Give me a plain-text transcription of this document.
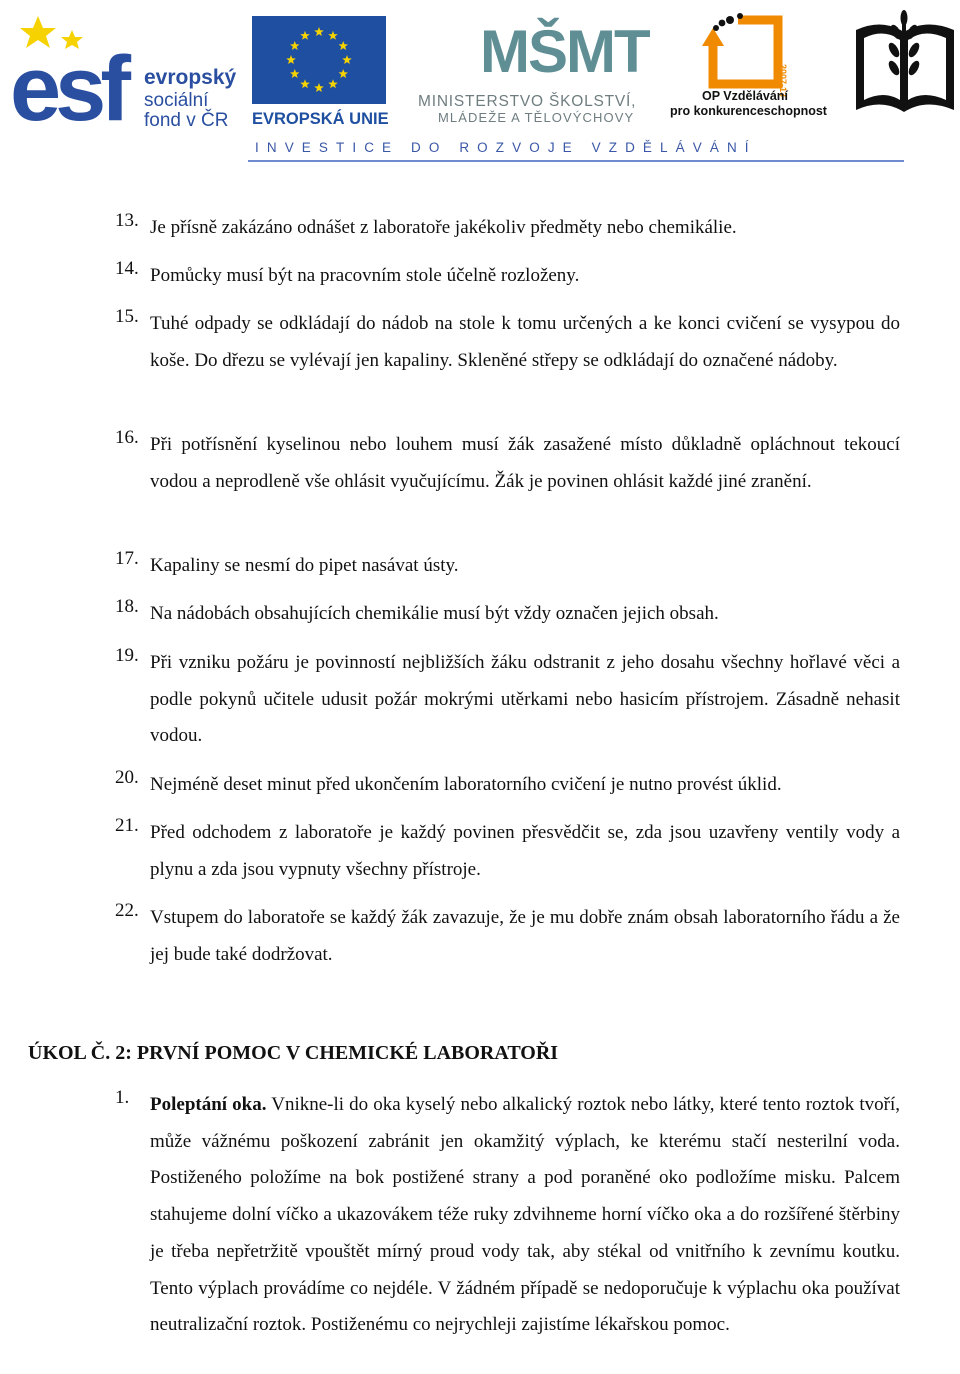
esf evropský
sociální
fond v ČR EVROPSKÁ UNIE
MŠMT
MINISTERSTVO ŠKOLSTVÍ,
MLÁDEŽE A TĚLOVÝCHOVY
2007-13
OP Vzdělávání
pro konkurenceschopnost
INVESTICE DO ROZVOJE VZDĚLÁVÁNÍ
13. Je přísně zakázáno odnášet z laboratoře jakékoliv předměty nebo chemikálie.
14. Pomůcky musí být na pracovním stole účelně rozloženy.
15. Tuhé odpady se odkládají do nádob na stole k tomu určených a ke konci cvičení se vysypou do koše. Do dřezu se vylévají jen kapaliny. Skleněné střepy se odkládají do označené nádoby.
16. Při potřísnění kyselinou nebo louhem musí žák zasažené místo důkladně opláchnout tekoucí vodou a neprodleně vše ohlásit vyučujícímu. Žák je povinen ohlásit každé jiné zranění.
17. Kapaliny se nesmí do pipet nasávat ústy.
18. Na nádobách obsahujících chemikálie musí být vždy označen jejich obsah.
19. Při vzniku požáru je povinností nejbližších žáku odstranit z jeho dosahu všechny hořlavé věci a podle pokynů učitele udusit požár mokrými utěrkami nebo hasicím přístrojem. Zásadně nehasit vodou.
20. Nejméně deset minut před ukončením laboratorního cvičení je nutno provést úklid.
21. Před odchodem z laboratoře je každý povinen přesvědčit se, zda jsou uzavřeny ventily vody a plynu a zda jsou vypnuty všechny přístroje.
22. Vstupem do laboratoře se každý žák zavazuje, že je mu dobře znám obsah laboratorního řádu a že jej bude také dodržovat.
ÚKOL Č. 2: PRVNÍ POMOC V CHEMICKÉ LABORATOŘI
1. Poleptání oka. Vnikne-li do oka kyselý nebo alkalický roztok nebo látky, které tento roztok tvoří, může vážnému poškození zabránit jen okamžitý výplach, ke kterému stačí nesterilní voda. Postiženého položíme na bok postižené strany a pod poraněné oko podložíme misku. Palcem stahujeme dolní víčko a ukazovákem téže ruky zdvihneme horní víčko oka a do rozšířené štěrbiny je třeba nepřetržitě vpouštět mírný proud vody tak, aby stékal od vnitřního k zevnímu koutku. Tento výplach provádíme co nejdéle. V žádném případě se nedoporučuje k výplachu oka používat neutralizační roztok. Postiženému co nejrychleji zajistíme lékařskou pomoc.
